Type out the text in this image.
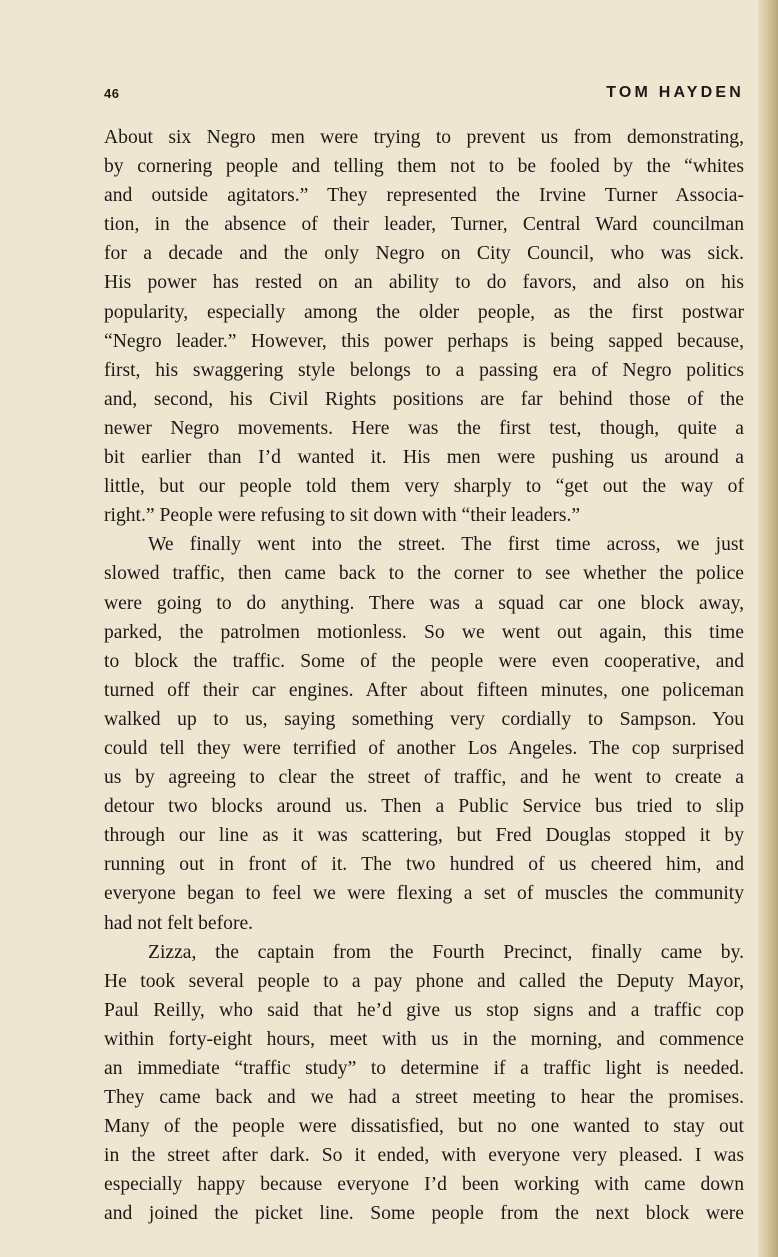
46	TOM HAYDEN
About six Negro men were trying to prevent us from demonstrating,
by cornering people and telling them not to be fooled by the “whites
and outside agitators.” They represented the Irvine Turner Associa-
tion, in the absence of their leader, Turner, Central Ward councilman
for a decade and the only Negro on City Council, who was sick.
His power has rested on an ability to do favors, and also on his
popularity, especially among the older people, as the first postwar
“Negro leader.” However, this power perhaps is being sapped because,
first, his swaggering style belongs to a passing era of Negro politics
and, second, his Civil Rights positions are far behind those of the
newer Negro movements. Here was the first test, though, quite a
bit earlier than I’d wanted it. His men were pushing us around a
little, but our people told them very sharply to “get out the way of
right.” People were refusing to sit down with “their leaders.”
We finally went into the street. The first time across, we just
slowed traffic, then came back to the corner to see whether the police
were going to do anything. There was a squad car one block away,
parked, the patrolmen motionless. So we went out again, this time
to block the traffic. Some of the people were even cooperative, and
turned off their car engines. After about fifteen minutes, one policeman
walked up to us, saying something very cordially to Sampson. You
could tell they were terrified of another Los Angeles. The cop surprised
us by agreeing to clear the street of traffic, and he went to create a
detour two blocks around us. Then a Public Service bus tried to slip
through our line as it was scattering, but Fred Douglas stopped it by
running out in front of it. The two hundred of us cheered him, and
everyone began to feel we were flexing a set of muscles the community
had not felt before.
Zizza, the captain from the Fourth Precinct, finally came by.
He took several people to a pay phone and called the Deputy Mayor,
Paul Reilly, who said that he’d give us stop signs and a traffic cop
within forty-eight hours, meet with us in the morning, and commence
an immediate “traffic study” to determine if a traffic light is needed.
They came back and we had a street meeting to hear the promises.
Many of the people were dissatisfied, but no one wanted to stay out
in the street after dark. So it ended, with everyone very pleased. I was
especially happy because everyone I’d been working with came down
and joined the picket line. Some people from the next block were
